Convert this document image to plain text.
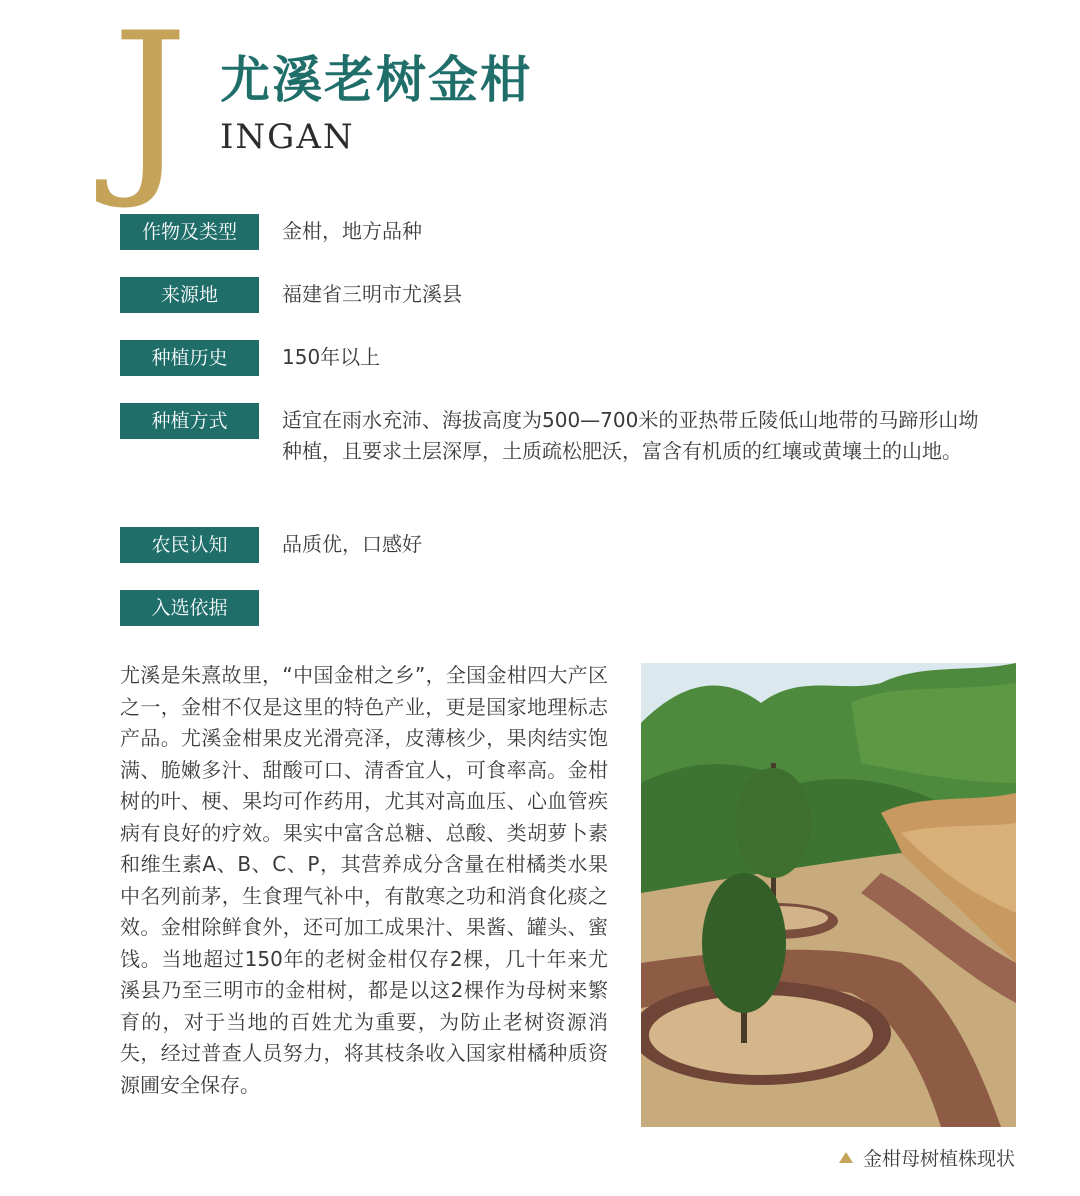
J 尤溪老树金柑
INGAN
作物及类型	金柑，地方品种
来源地	福建省三明市尤溪县
种植历史	150年以上
种植方式	适宜在雨水充沛、海拔高度为500—700米的亚热带丘陵低山地带的马蹄形山坳种植，且要求土层深厚，土质疏松肥沃，富含有机质的红壤或黄壤土的山地。
农民认知	品质优，口感好
入选依据
尤溪是朱熹故里，“中国金柑之乡”，全国金柑四大产区之一，金柑不仅是这里的特色产业，更是国家地理标志产品。尤溪金柑果皮光滑亮泽，皮薄核少，果肉结实饱满、脆嫩多汁、甜酸可口、清香宜人，可食率高。金柑树的叶、梗、果均可作药用，尤其对高血压、心血管疾病有良好的疗效。果实中富含总糖、总酸、类胡萝卜素和维生素A、B、C、P，其营养成分含量在柑橘类水果中名列前茅，生食理气补中，有散寒之功和消食化痰之效。金柑除鲜食外，还可加工成果汁、果酱、罐头、蜜饯。当地超过150年的老树金柑仅存2棵，几十年来尤溪县乃至三明市的金柑树，都是以这2棵作为母树来繁育的，对于当地的百姓尤为重要，为防止老树资源消失，经过普查人员努力，将其枝条收入国家柑橘种质资源圃安全保存。
金柑母树植株现状
